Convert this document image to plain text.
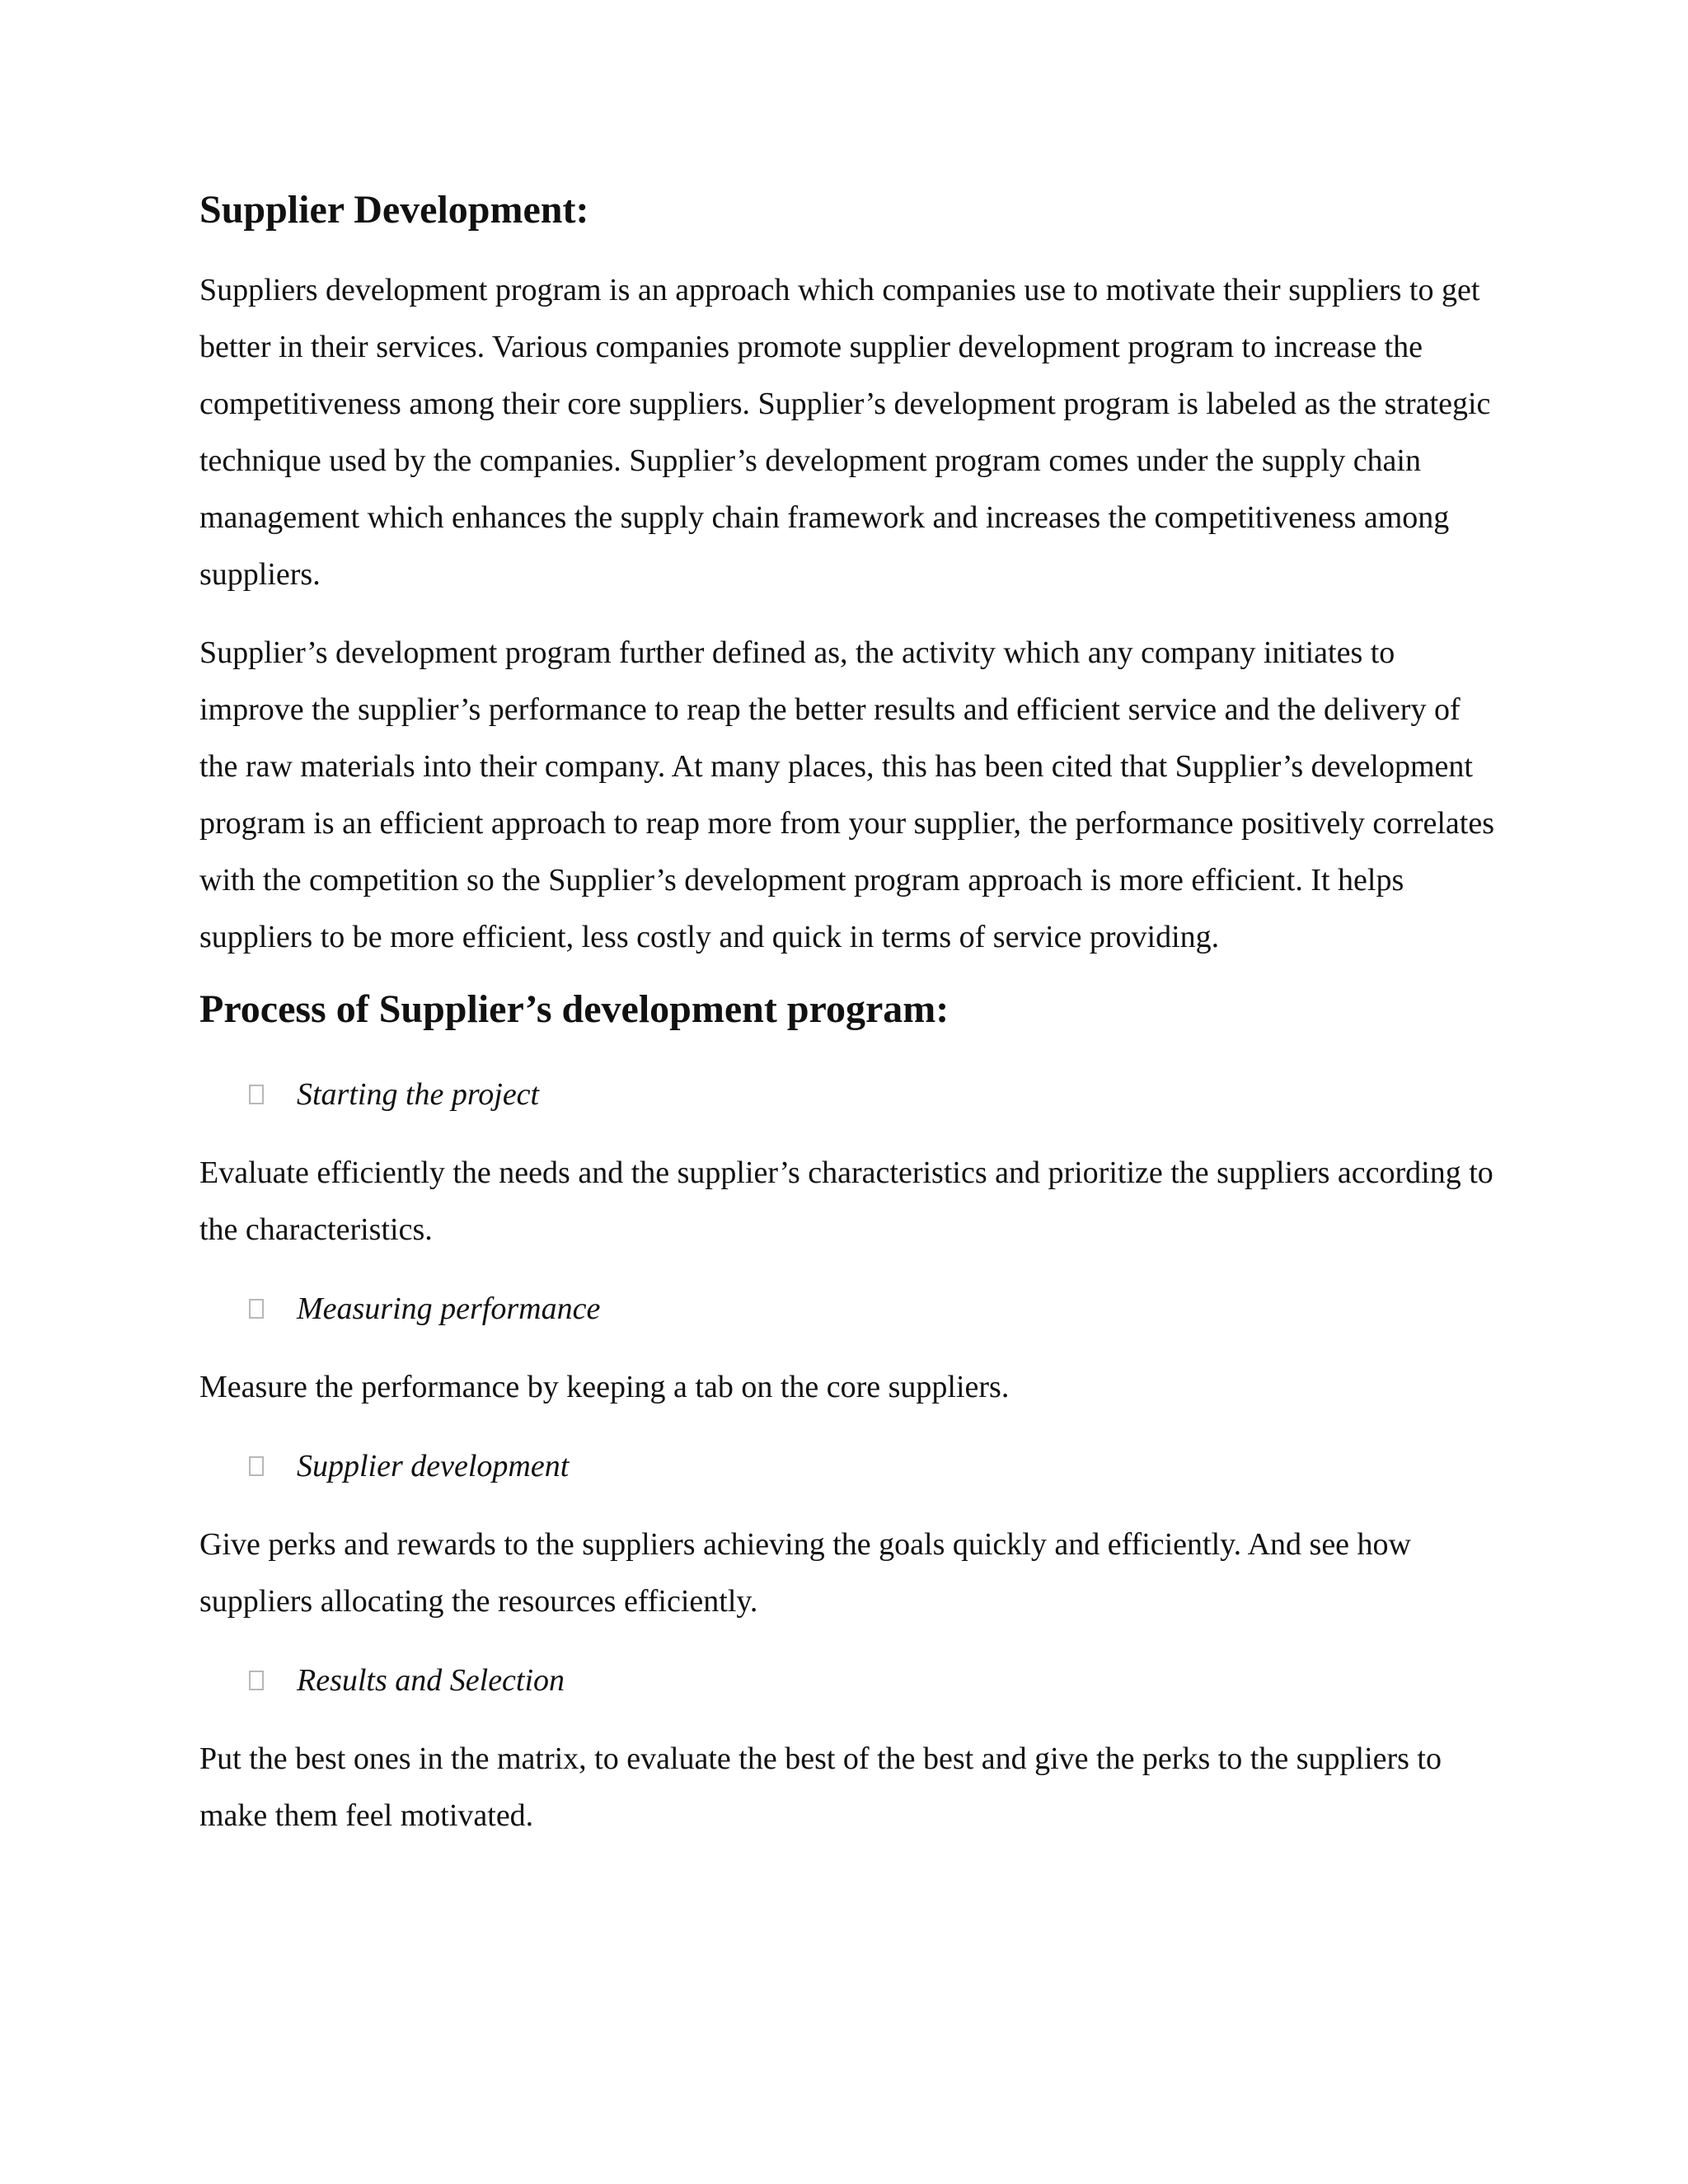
Supplier Development:

Suppliers development program is an approach which companies use to motivate their suppliers to get better in their services. Various companies promote supplier development program to increase the competitiveness among their core suppliers. Supplier’s development program is labeled as the strategic technique used by the companies. Supplier’s development program comes under the supply chain management which enhances the supply chain framework and increases the competitiveness among suppliers.

Supplier’s development program further defined as, the activity which any company initiates to improve the supplier’s performance to reap the better results and efficient service and the delivery of the raw materials into their company. At many places, this has been cited that Supplier’s development program is an efficient approach to reap more from your supplier, the performance positively correlates with the competition so the Supplier’s development program approach is more efficient. It helps suppliers to be more efficient, less costly and quick in terms of service providing.

Process of Supplier’s development program:
Starting the project

Evaluate efficiently the needs and the supplier’s characteristics and prioritize the suppliers according to the characteristics.

Measuring performance

Measure the performance by keeping a tab on the core suppliers.

Supplier development

Give perks and rewards to the suppliers achieving the goals quickly and efficiently. And see how suppliers allocating the resources efficiently.

Results and Selection

Put the best ones in the matrix, to evaluate the best of the best and give the perks to the suppliers to make them feel motivated.
